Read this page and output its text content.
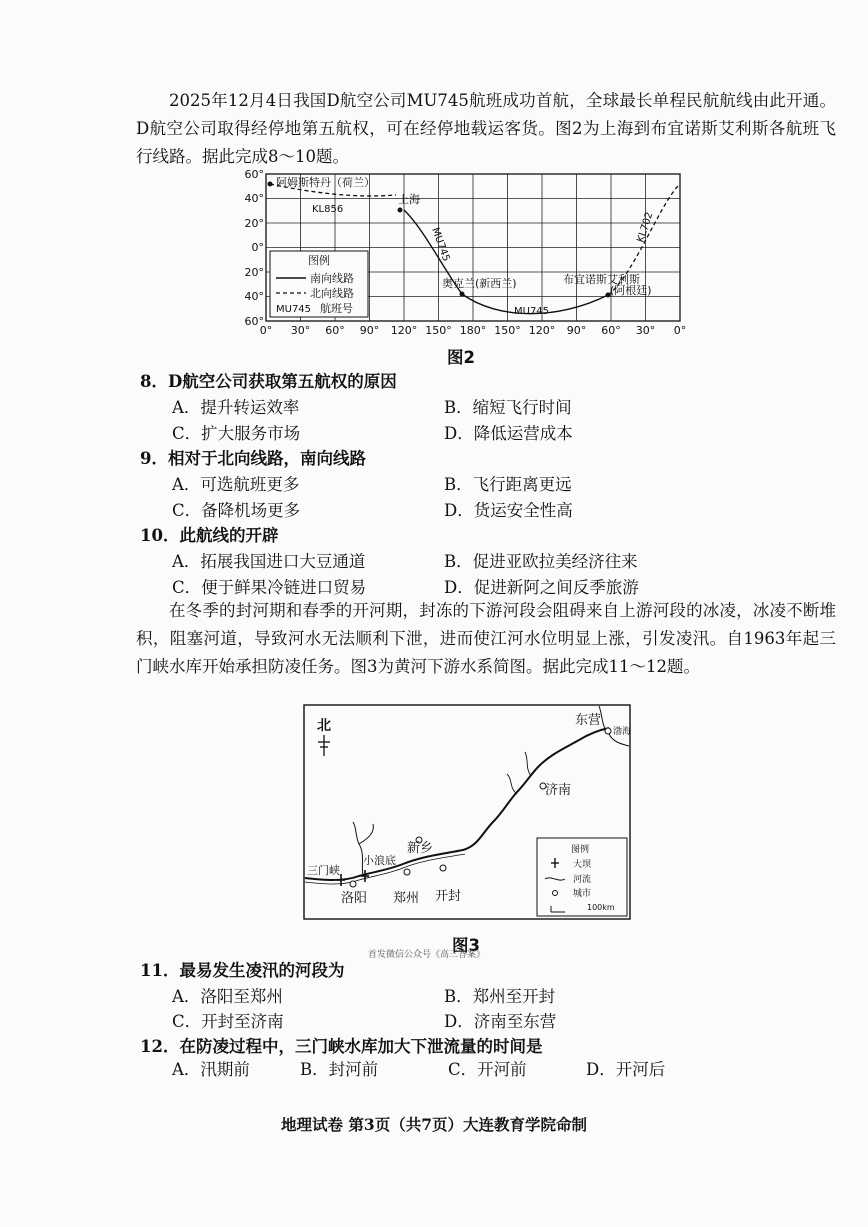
2025年12月4日我国D航空公司MU745航班成功首航，全球最长单程民航航线由此开通。D航空公司取得经停地第五航权，可在经停地载运客货。图2为上海到布宜诺斯艾利斯各航班飞行线路。据此完成8～10题。
60°
40°
20°
0°
20°
40°
60°
0° 30° 60° 90° 120° 150° 180° 150° 120° 90° 60° 30° 0°
阿姆斯特丹（荷兰）
上海
奥克兰(新西兰)	布宜诺斯艾利斯
(阿根廷)
KL856
MU745
MU745
KL702
图例
南向线路
北向线路
MU745 航班号
图2
8．D航空公司获取第五航权的原因
A．提升转运效率	B．缩短飞行时间
C．扩大服务市场	D．降低运营成本
9．相对于北向线路，南向线路
A．可选航班更多	B．飞行距离更远
C．备降机场更多	D．货运安全性高
10．此航线的开辟
A．拓展我国进口大豆通道	B．促进亚欧拉美经济往来
C．便于鲜果冷链进口贸易	D．促进新阿之间反季旅游
在冬季的封河期和春季的开河期，封冻的下游河段会阻碍来自上游河段的冰凌，冰凌不断堆积，阻塞河道，导致河水无法顺利下泄，进而使江河水位明显上涨，引发凌汛。自1963年起三门峡水库开始承担防凌任务。图3为黄河下游水系简图。据此完成11～12题。
北	东营
渤海
济南
新乡
三门峡
小浪底
洛阳 郑州 开封
图例
大坝
河流
城市
100km
图3
首发微信公众号《高三答案》
11．最易发生凌汛的河段为
A．洛阳至郑州	B．郑州至开封
C．开封至济南	D．济南至东营
12．在防凌过程中，三门峡水库加大下泄流量的时间是
A．汛期前	B．封河前	C．开河前	D．开河后
地理试卷 第3页（共7页）大连教育学院命制
